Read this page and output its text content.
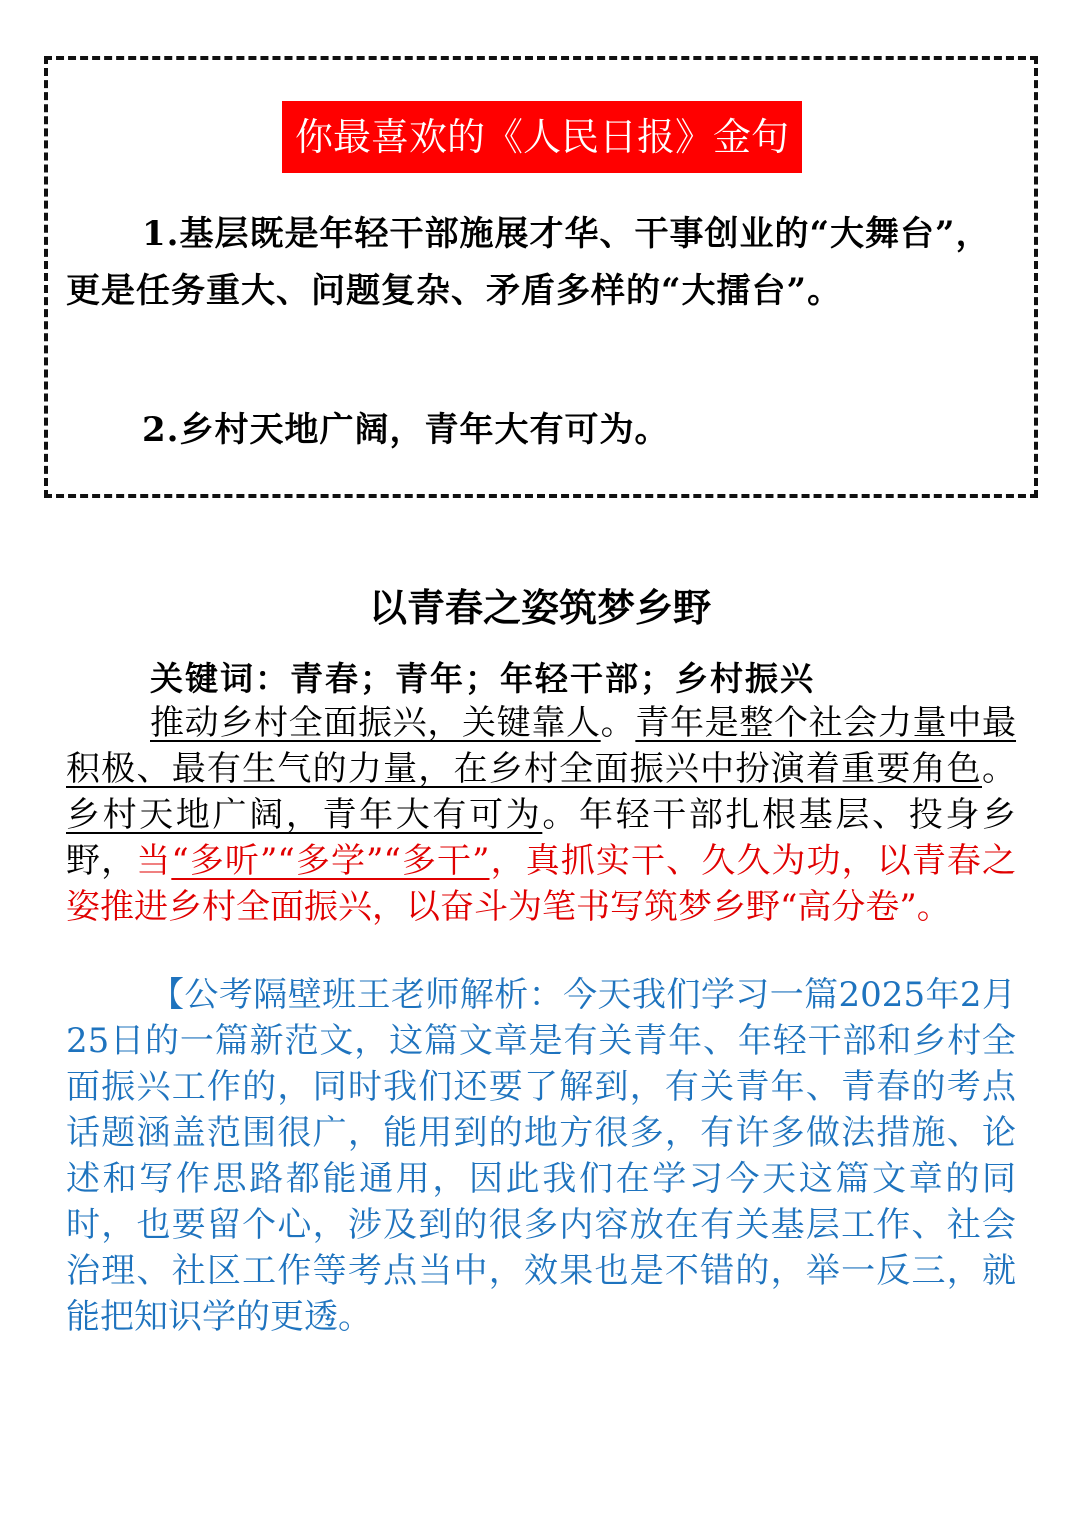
你最喜欢的《人民日报》金句
1.基层既是年轻干部施展才华、干事创业的“大舞台”，更是任务重大、问题复杂、矛盾多样的“大擂台”。
2.乡村天地广阔，青年大有可为。
以青春之姿筑梦乡野
关键词：青春；青年；年轻干部；乡村振兴
推动乡村全面振兴，关键靠人。青年是整个社会力量中最积极、最有生气的力量，在乡村全面振兴中扮演着重要角色。乡村天地广阔，青年大有可为。年轻干部扎根基层、投身乡野，当“多听”“多学”“多干”，真抓实干、久久为功，以青春之姿推进乡村全面振兴，以奋斗为笔书写筑梦乡野“高分卷”。
【公考隔壁班王老师解析：今天我们学习一篇2025年2月25日的一篇新范文，这篇文章是有关青年、年轻干部和乡村全面振兴工作的，同时我们还要了解到，有关青年、青春的考点话题涵盖范围很广，能用到的地方很多，有许多做法措施、论述和写作思路都能通用，因此我们在学习今天这篇文章的同时，也要留个心，涉及到的很多内容放在有关基层工作、社会治理、社区工作等考点当中，效果也是不错的，举一反三，就能把知识学的更透。
